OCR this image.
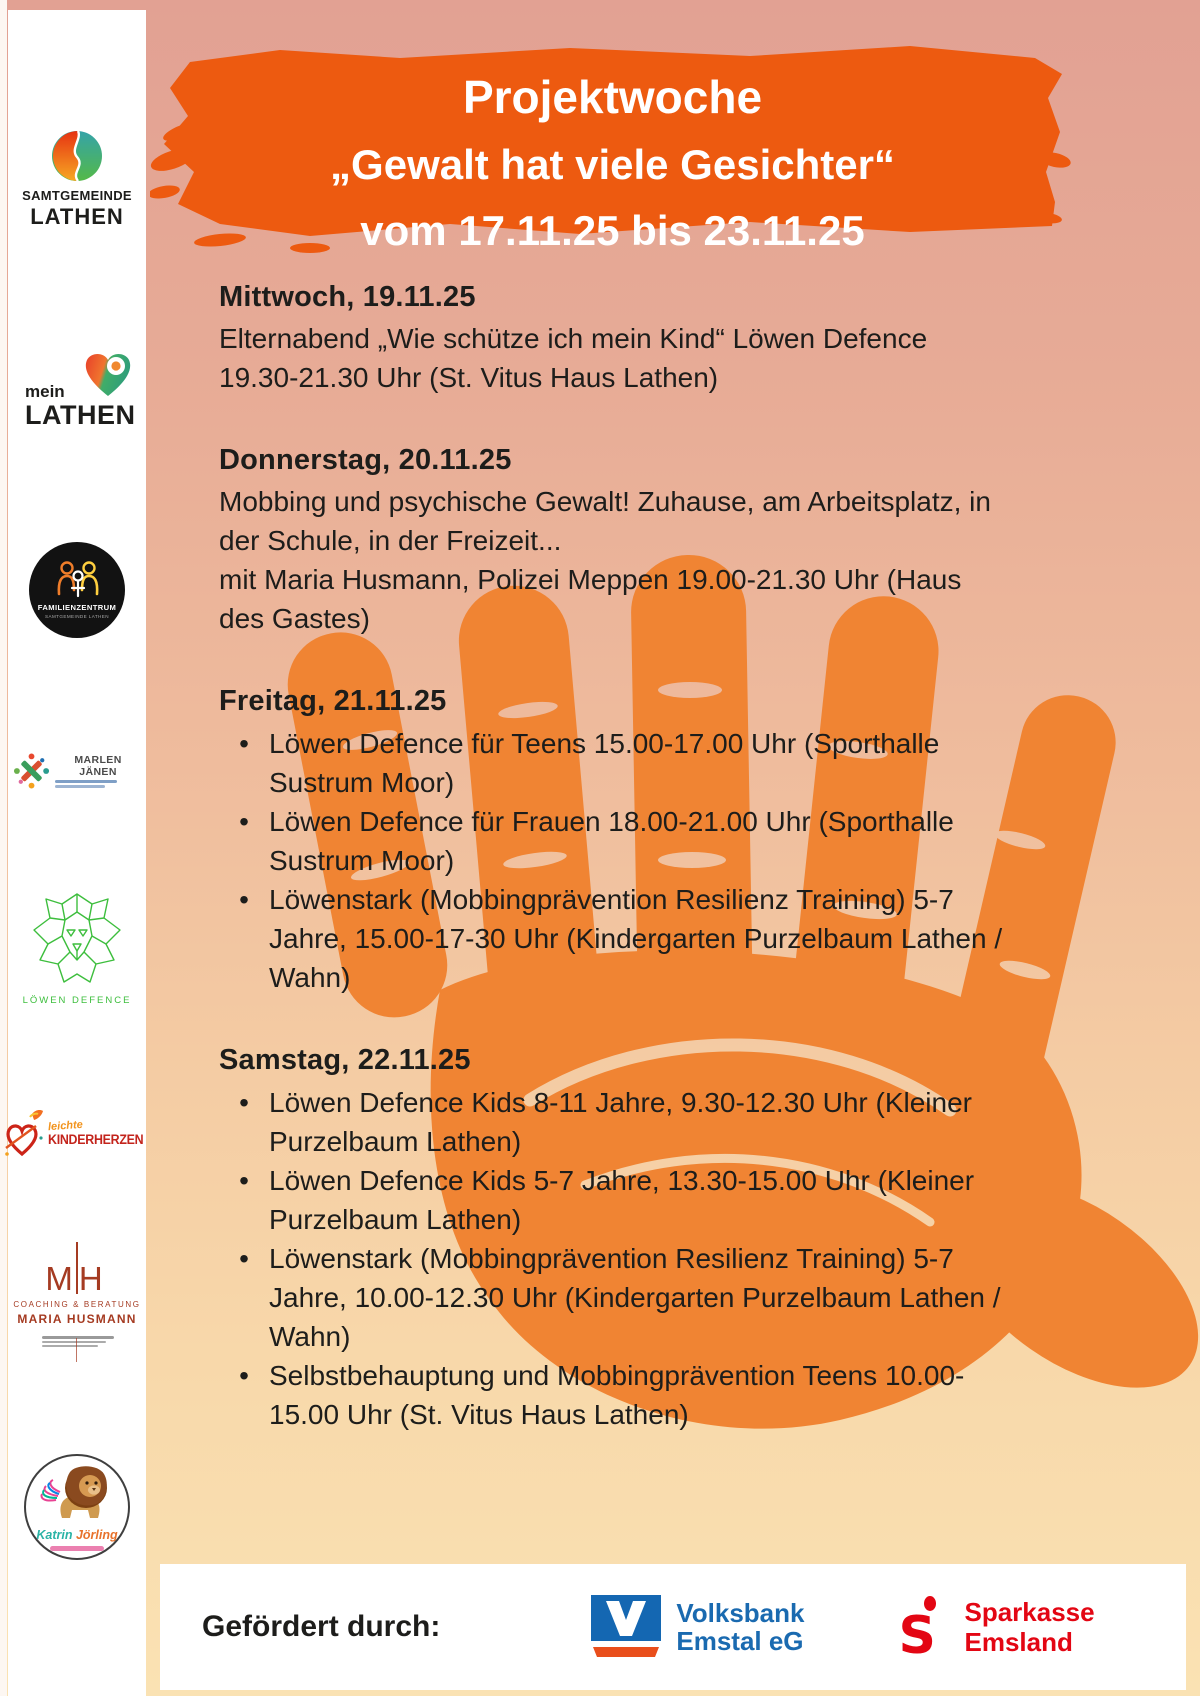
Projektwoche
„Gewalt hat viele Gesichter“
vom 17.11.25 bis 23.11.25
Mittwoch, 19.11.25
Elternabend „Wie schütze ich mein Kind“ Löwen Defence
19.30-21.30 Uhr (St. Vitus Haus Lathen)
Donnerstag, 20.11.25
Mobbing und psychische Gewalt! Zuhause, am Arbeitsplatz, in
der Schule, in der Freizeit...
mit Maria Husmann, Polizei Meppen 19.00-21.30 Uhr (Haus
des Gastes)
Freitag, 21.11.25
• Löwen Defence für Teens 15.00-17.00 Uhr (Sporthalle
Sustrum Moor)
• Löwen Defence für Frauen 18.00-21.00 Uhr (Sporthalle
Sustrum Moor)
• Löwenstark (Mobbingprävention Resilienz Training) 5-7
Jahre, 15.00-17-30 Uhr (Kindergarten Purzelbaum Lathen /
Wahn)
Samstag, 22.11.25
• Löwen Defence Kids 8-11 Jahre, 9.30-12.30 Uhr (Kleiner
Purzelbaum Lathen)
• Löwen Defence Kids 5-7 Jahre, 13.30-15.00 Uhr (Kleiner
Purzelbaum Lathen)
• Löwenstark (Mobbingprävention Resilienz Training) 5-7
Jahre, 10.00-12.30 Uhr (Kindergarten Purzelbaum Lathen /
Wahn)
• Selbstbehauptung und Mobbingprävention Teens 10.00-
15.00 Uhr (St. Vitus Haus Lathen)
SAMTGEMEINDE
LATHEN
mein
LATHEN
FAMILIENZENTRUM
SAMTGEMEINDE LATHEN
MARLEN JÄNEN
LÖWEN DEFENCE
leichte
KINDERHERZEN
MH
COACHING & BERATUNG
MARIA HUSMANN
Katrin Jörling
Gefördert durch:	Volksbank
Emstal eG S Sparkasse
Emsland
